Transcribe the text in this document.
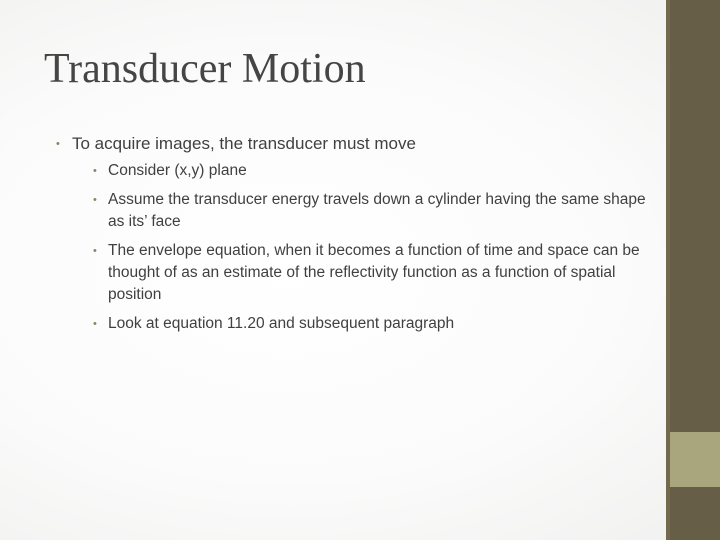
Transducer Motion
• To acquire images, the transducer must move
• Consider (x,y) plane
• Assume the transducer energy travels down a cylinder having the same shape as its’ face
• The envelope equation, when it becomes a function of time and space can be thought of as an estimate of the reflectivity function as a function of spatial position
• Look at equation 11.20 and subsequent paragraph
